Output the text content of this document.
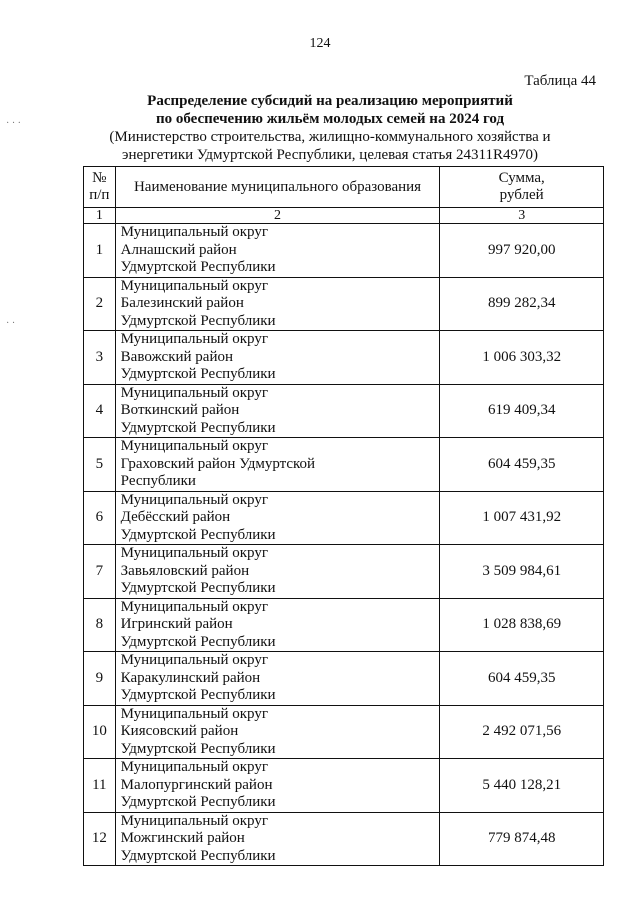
124
Таблица 44
Распределение субсидий на реализацию мероприятий
по обеспечению жильём молодых семей на 2024 год
(Министерство строительства, жилищно-коммунального хозяйства и
энергетики Удмуртской Республики, целевая статья 24311R4970)
· · ·
· ·
№
п/п	Наименование муниципального образования	Сумма,
рублей

1	2	3
1	Муниципальный округ
Алнашский район
Удмуртской Республики	997 920,00
2	Муниципальный округ
Балезинский район
Удмуртской Республики	899 282,34
3	Муниципальный округ
Вавожский район
Удмуртской Республики	1 006 303,32
4	Муниципальный округ
Воткинский район
Удмуртской Республики	619 409,34
5	Муниципальный округ
Граховский район Удмуртской
Республики	604 459,35
6	Муниципальный округ
Дебёсский район
Удмуртской Республики	1 007 431,92
7	Муниципальный округ
Завьяловский район
Удмуртской Республики	3 509 984,61
8	Муниципальный округ
Игринский район
Удмуртской Республики	1 028 838,69
9	Муниципальный округ
Каракулинский район
Удмуртской Республики	604 459,35
10	Муниципальный округ
Киясовский район
Удмуртской Республики	2 492 071,56
11	Муниципальный округ
Малопургинский район
Удмуртской Республики	5 440 128,21
12	Муниципальный округ
Можгинский район
Удмуртской Республики	779 874,48
